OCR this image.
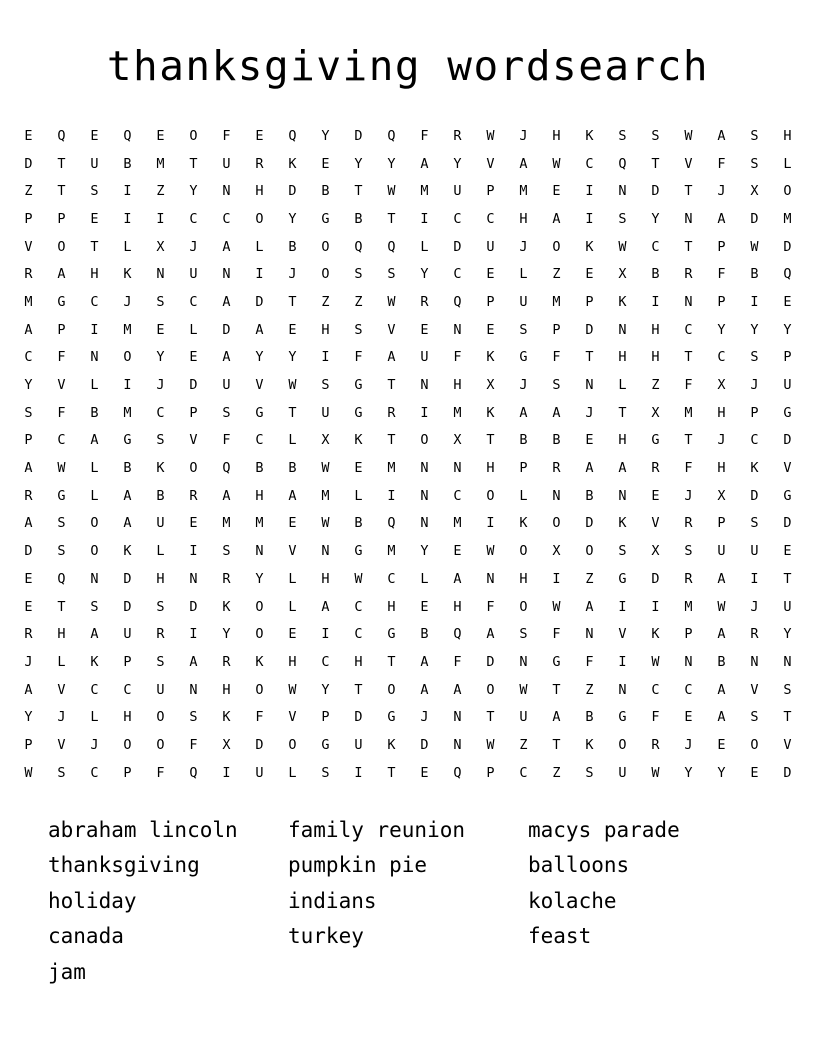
thanksgiving wordsearch
E	Q	E	Q	E	O	F	E	Q	Y	D	Q	F	R	W	J	H	K	S	S	W	A	S	H
D	T	U	B	M	T	U	R	K	E	Y	Y	A	Y	V	A	W	C	Q	T	V	F	S	L
Z	T	S	I	Z	Y	N	H	D	B	T	W	M	U	P	M	E	I	N	D	T	J	X	O
P	P	E	I	I	C	C	O	Y	G	B	T	I	C	C	H	A	I	S	Y	N	A	D	M
V	O	T	L	X	J	A	L	B	O	Q	Q	L	D	U	J	O	K	W	C	T	P	W	D
R	A	H	K	N	U	N	I	J	O	S	S	Y	C	E	L	Z	E	X	B	R	F	B	Q
M	G	C	J	S	C	A	D	T	Z	Z	W	R	Q	P	U	M	P	K	I	N	P	I	E
A	P	I	M	E	L	D	A	E	H	S	V	E	N	E	S	P	D	N	H	C	Y	Y	Y
C	F	N	O	Y	E	A	Y	Y	I	F	A	U	F	K	G	F	T	H	H	T	C	S	P
Y	V	L	I	J	D	U	V	W	S	G	T	N	H	X	J	S	N	L	Z	F	X	J	U
S	F	B	M	C	P	S	G	T	U	G	R	I	M	K	A	A	J	T	X	M	H	P	G
P	C	A	G	S	V	F	C	L	X	K	T	O	X	T	B	B	E	H	G	T	J	C	D
A	W	L	B	K	O	Q	B	B	W	E	M	N	N	H	P	R	A	A	R	F	H	K	V
R	G	L	A	B	R	A	H	A	M	L	I	N	C	O	L	N	B	N	E	J	X	D	G
A	S	O	A	U	E	M	M	E	W	B	Q	N	M	I	K	O	D	K	V	R	P	S	D
D	S	O	K	L	I	S	N	V	N	G	M	Y	E	W	O	X	O	S	X	S	U	U	E
E	Q	N	D	H	N	R	Y	L	H	W	C	L	A	N	H	I	Z	G	D	R	A	I	T
E	T	S	D	S	D	K	O	L	A	C	H	E	H	F	O	W	A	I	I	M	W	J	U
R	H	A	U	R	I	Y	O	E	I	C	G	B	Q	A	S	F	N	V	K	P	A	R	Y
J	L	K	P	S	A	R	K	H	C	H	T	A	F	D	N	G	F	I	W	N	B	N	N
A	V	C	C	U	N	H	O	W	Y	T	O	A	A	O	W	T	Z	N	C	C	A	V	S
Y	J	L	H	O	S	K	F	V	P	D	G	J	N	T	U	A	B	G	F	E	A	S	T
P	V	J	O	O	F	X	D	O	G	U	K	D	N	W	Z	T	K	O	R	J	E	O	V
W	S	C	P	F	Q	I	U	L	S	I	T	E	Q	P	C	Z	S	U	W	Y	Y	E	D
abraham lincoln
thanksgiving
holiday
canada
jam
family reunion
pumpkin pie
indians
turkey
macys parade
balloons
kolache
feast
